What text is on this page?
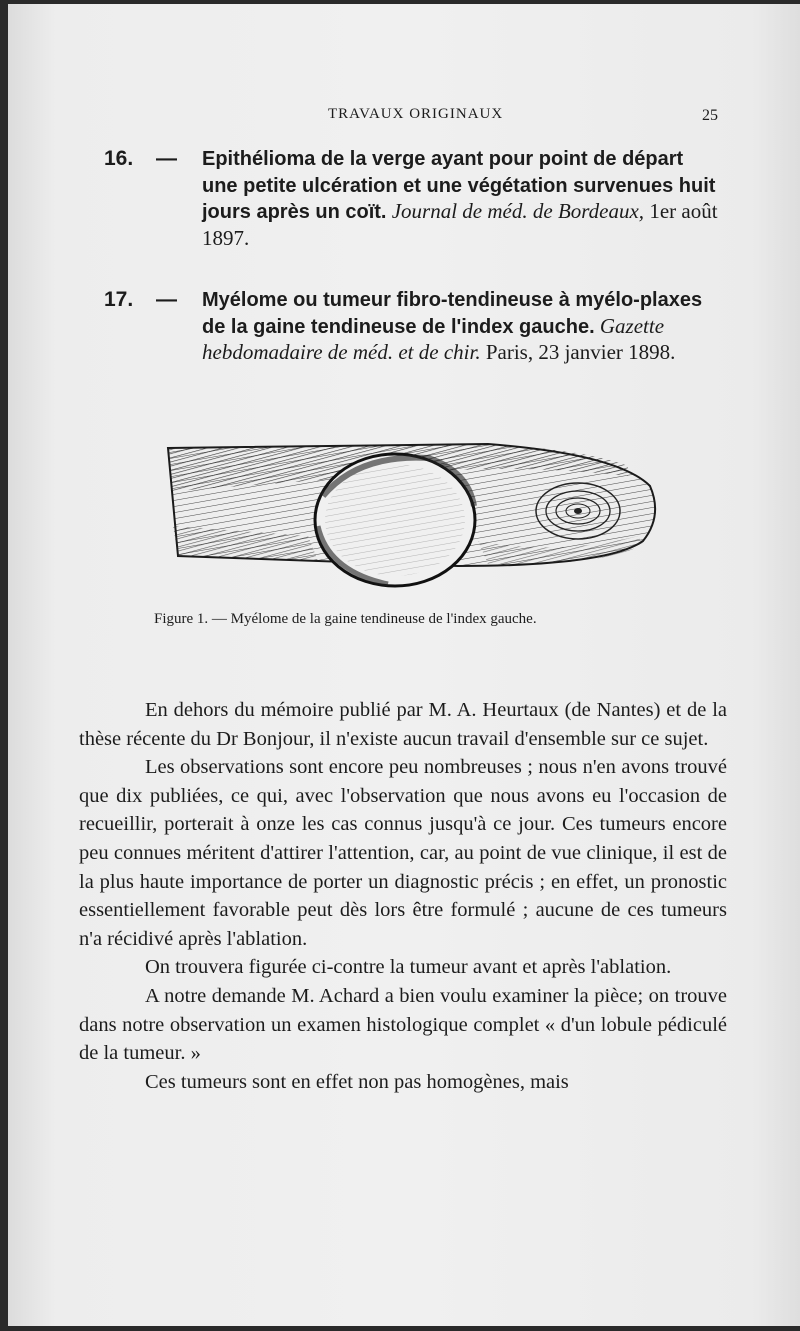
TRAVAUX ORIGINAUX	25
16. — Epithélioma de la verge ayant pour point de départ une petite ulcération et une végétation survenues huit jours après un coït. Journal de méd. de Bordeaux, 1er août 1897.
17. — Myélome ou tumeur fibro-tendineuse à myélo-plaxes de la gaine tendineuse de l'index gauche. Gazette hebdomadaire de méd. et de chir. Paris, 23 janvier 1898.
Figure 1. — Myélome de la gaine tendineuse de l'index gauche.

En dehors du mémoire publié par M. A. Heurtaux (de Nantes) et de la thèse récente du Dr Bonjour, il n'existe aucun travail d'ensemble sur ce sujet.

Les observations sont encore peu nombreuses ; nous n'en avons trouvé que dix publiées, ce qui, avec l'observation que nous avons eu l'occasion de recueillir, porterait à onze les cas connus jusqu'à ce jour. Ces tumeurs encore peu connues méritent d'attirer l'attention, car, au point de vue clinique, il est de la plus haute importance de porter un diagnostic précis ; en effet, un pronostic essentiellement favorable peut dès lors être formulé ; aucune de ces tumeurs n'a récidivé après l'ablation.

On trouvera figurée ci-contre la tumeur avant et après l'ablation.

A notre demande M. Achard a bien voulu examiner la pièce; on trouve dans notre observation un examen histologique complet « d'un lobule pédiculé de la tumeur. »

Ces tumeurs sont en effet non pas homogènes, mais
